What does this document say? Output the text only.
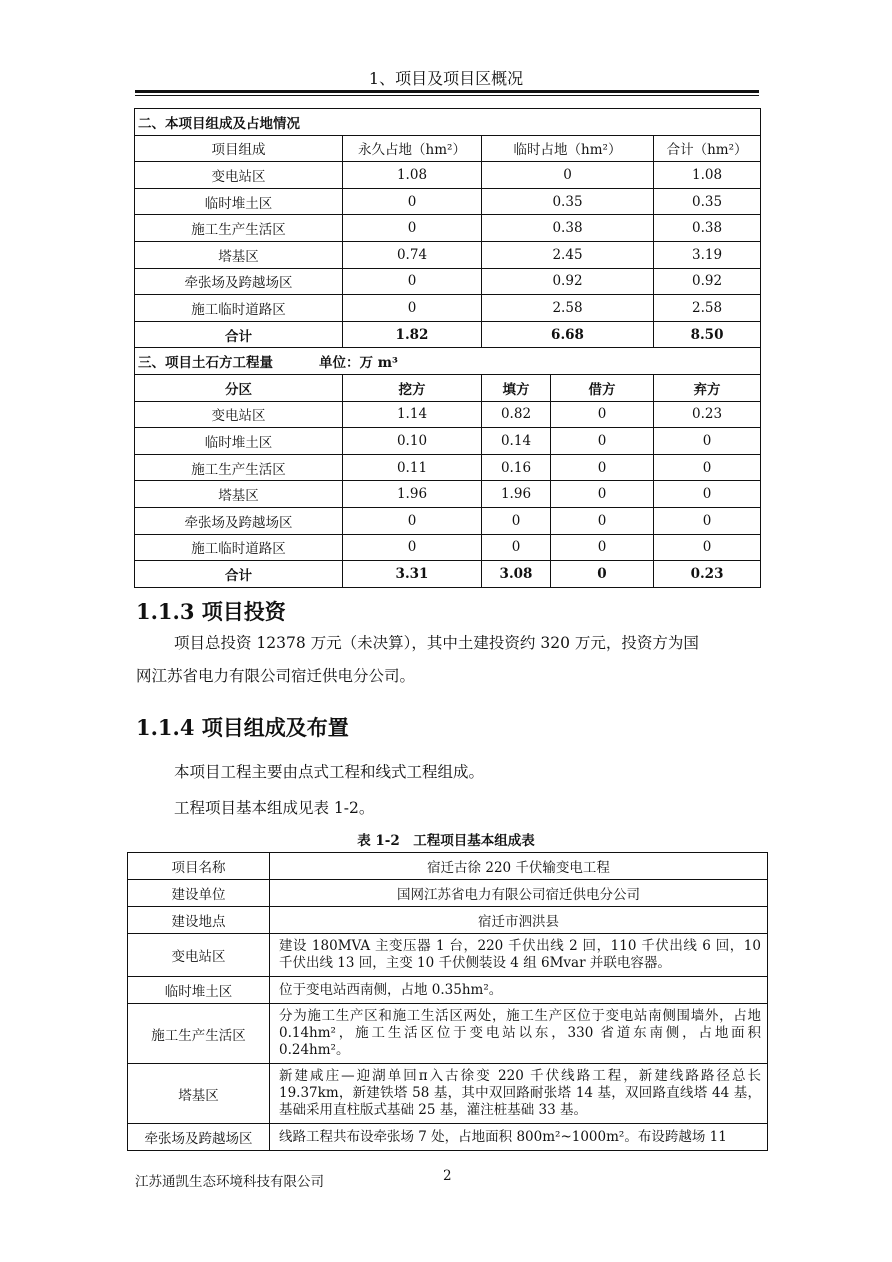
1、项目及项目区概况
二、本项目组成及占地情况				
项目组成	永久占地（hm²）	临时占地（hm²）		合计（hm²）
变电站区	1.08	0		1.08
临时堆土区	0	0.35		0.35
施工生产生活区	0	0.38		0.38
塔基区	0.74	2.45		3.19
牵张场及跨越场区	0	0.92		0.92
施工临时道路区	0	2.58		2.58
合计	1.82	6.68		8.50
三、项目土石方工程量 单位：万 m³				
分区	挖方	填方	借方	弃方
变电站区	1.14	0.82	0	0.23
临时堆土区	0.10	0.14	0	0
施工生产生活区	0.11	0.16	0	0
塔基区	1.96	1.96	0	0
牵张场及跨越场区	0	0	0	0
施工临时道路区	0	0	0	0
合计	3.31	3.08	0	0.23
1.1.3 项目投资

项目总投资 12378 万元（未决算），其中土建投资约 320 万元，投资方为国

网江苏省电力有限公司宿迁供电分公司。

1.1.4 项目组成及布置

本项目工程主要由点式工程和线式工程组成。

工程项目基本组成见表 1-2。

表 1-2　工程项目基本组成表
项目名称	宿迁古徐 220 千伏输变电工程
建设单位	国网江苏省电力有限公司宿迁供电分公司
建设地点	宿迁市泗洪县
变电站区	建设 180MVA 主变压器 1 台，220 千伏出线 2 回，110 千伏出线 6 回，10 千伏出线 13 回，主变 10 千伏侧装设 4 组 6Mvar 并联电容器。
临时堆土区	位于变电站西南侧，占地 0.35hm²。
施工生产生活区	分为施工生产区和施工生活区两处，施工生产区位于变电站南侧围墙外，占地 0.14hm²，施工生活区位于变电站以东，330 省道东南侧，占地面积 0.24hm²。
塔基区	新建咸庄—迎湖单回π入古徐变 220 千伏线路工程，新建线路路径总长 19.37km，新建铁塔 58 基，其中双回路耐张塔 14 基，双回路直线塔 44 基，基础采用直柱版式基础 25 基，灌注桩基础 33 基。
牵张场及跨越场区	线路工程共布设牵张场 7 处，占地面积 800m²~1000m²。布设跨越场 11
江苏通凯生态环境科技有限公司	2
